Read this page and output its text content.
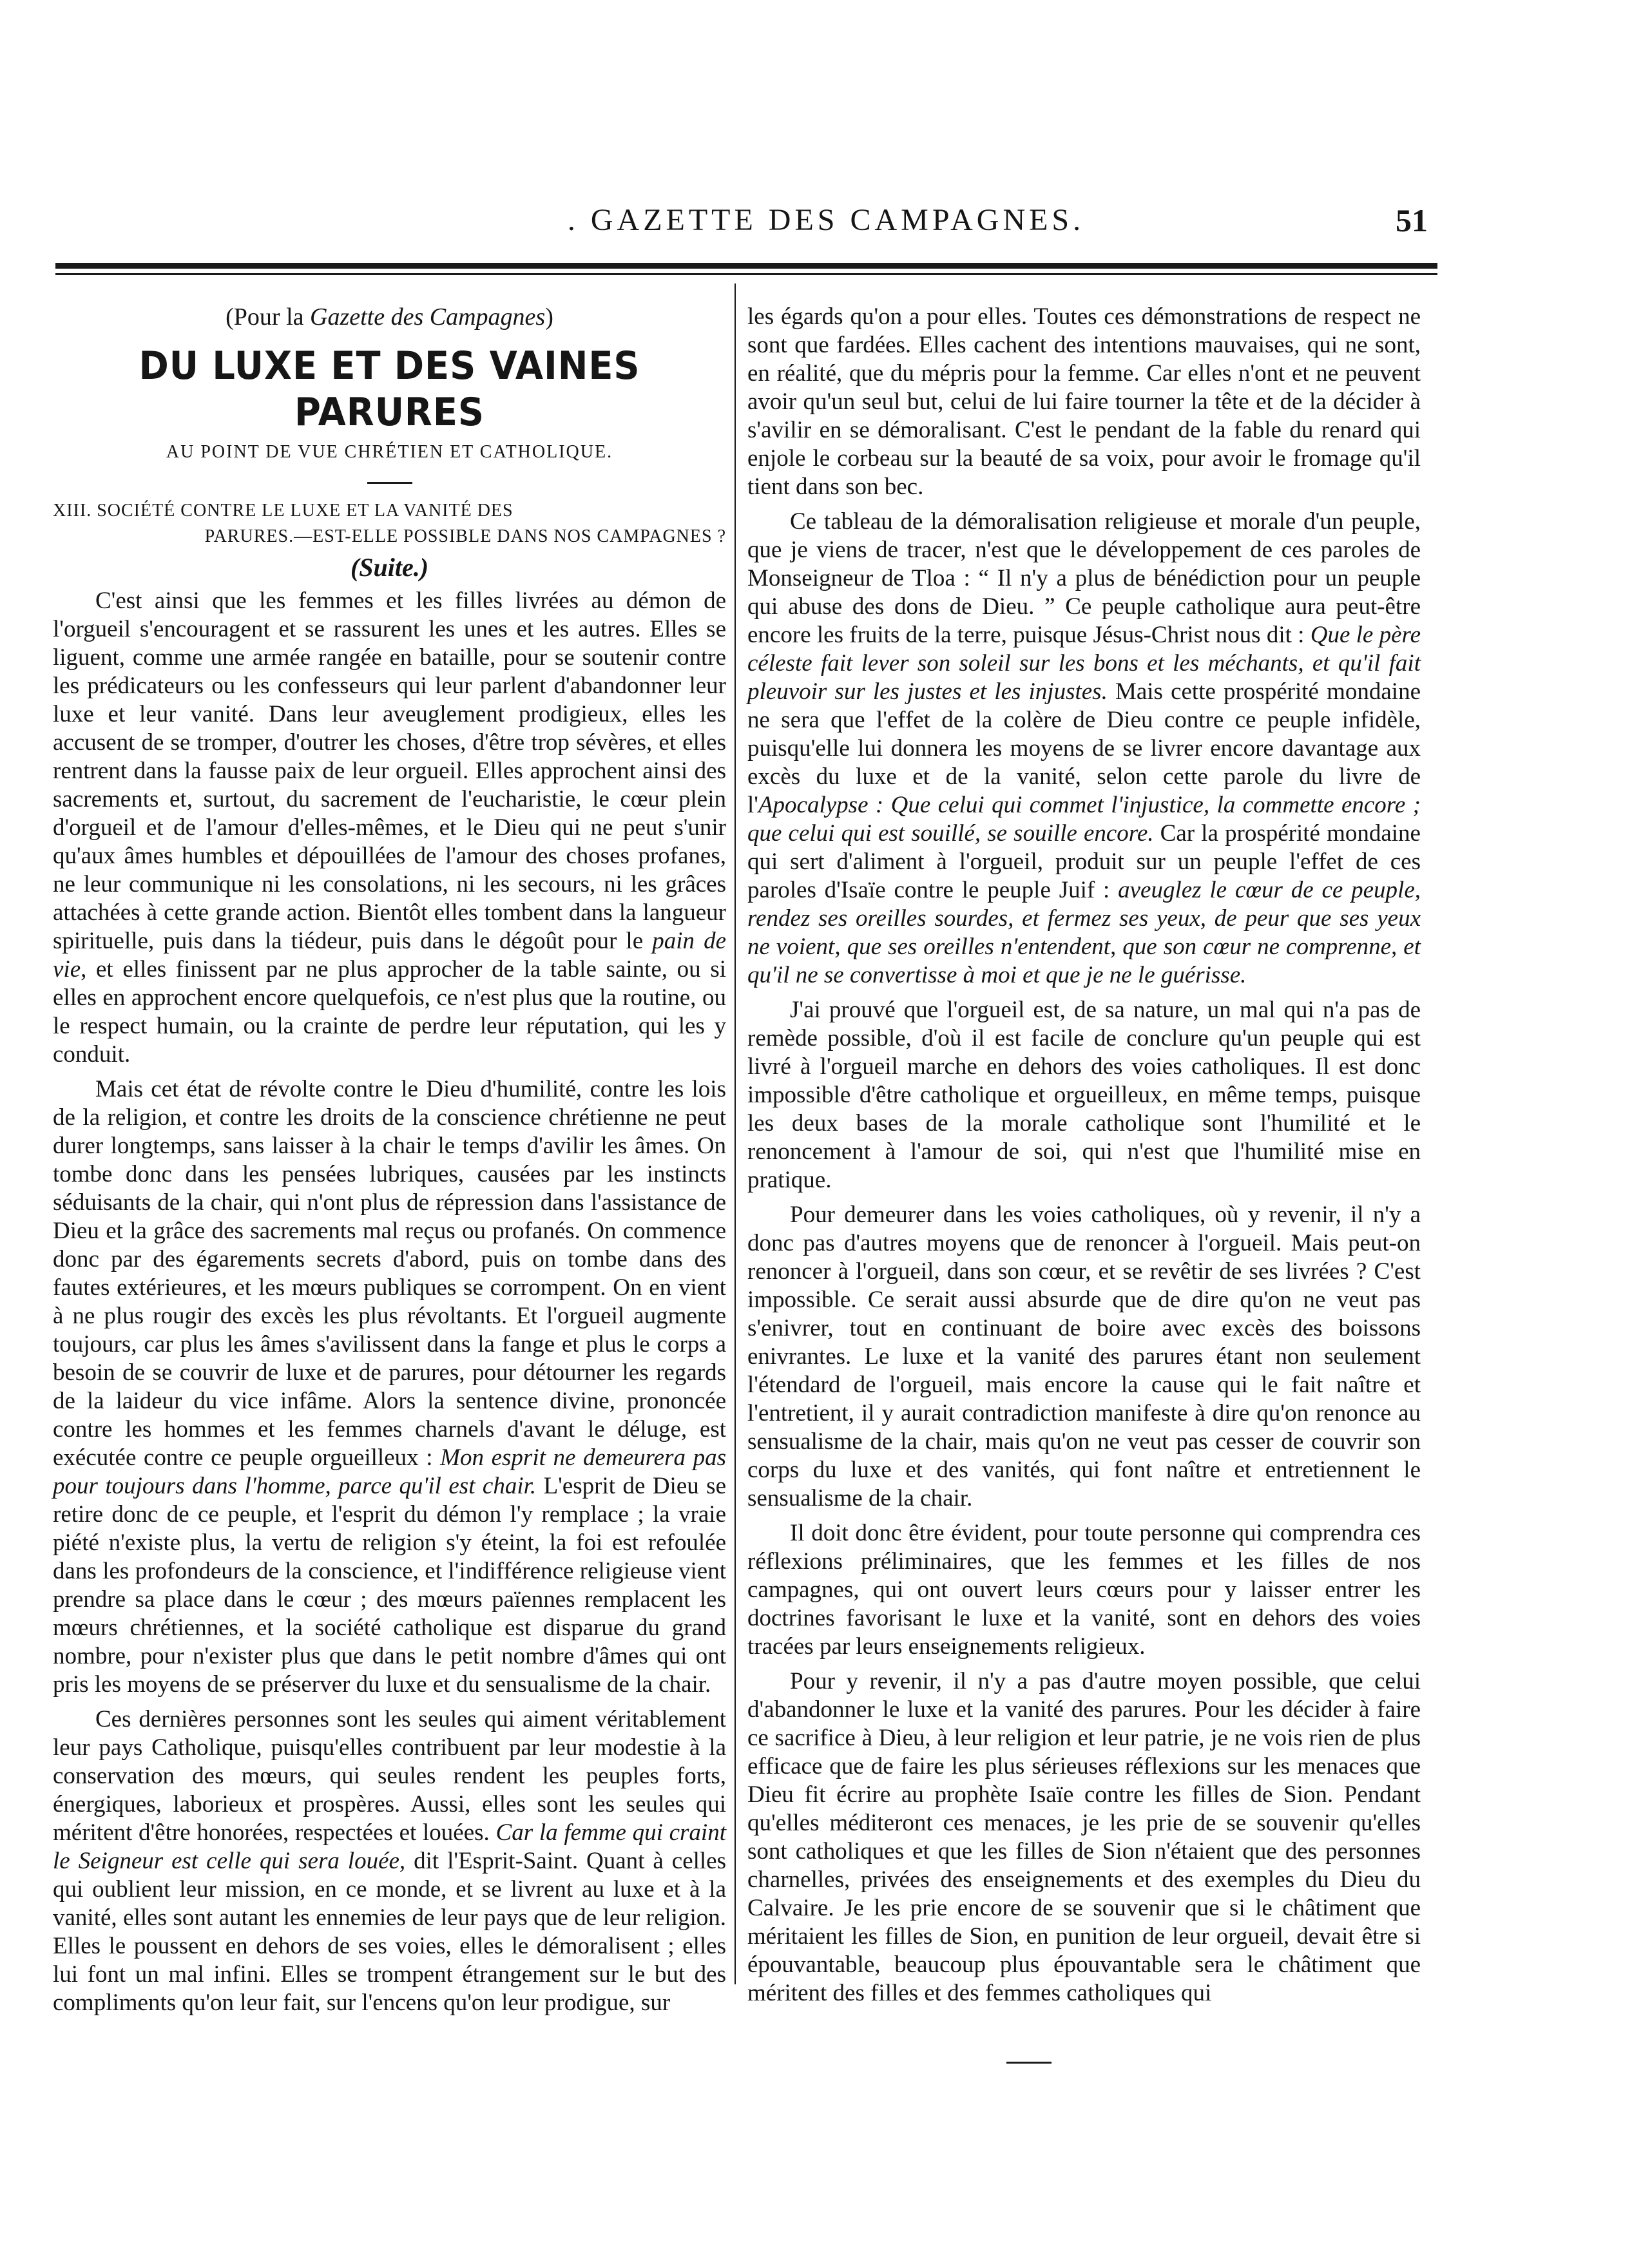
. GAZETTE DES CAMPAGNES.	51

(Pour la Gazette des Campagnes)

DU LUXE ET DES VAINES PARURES

AU POINT DE VUE CHRÉTIEN ET CATHOLIQUE.

XIII. SOCIÉTÉ CONTRE LE LUXE ET LA VANITÉ DES
PARURES.—EST-ELLE POSSIBLE DANS NOS CAMPAGNES ?

(Suite.)

C'est ainsi que les femmes et les filles livrées au démon de l'orgueil s'encouragent et se rassurent les unes et les autres. Elles se liguent, comme une armée rangée en bataille, pour se soutenir contre les prédicateurs ou les confesseurs qui leur parlent d'abandonner leur luxe et leur vanité. Dans leur aveuglement prodigieux, elles les accusent de se tromper, d'outrer les choses, d'être trop sévères, et elles rentrent dans la fausse paix de leur orgueil. Elles approchent ainsi des sacrements et, surtout, du sacrement de l'eucharistie, le cœur plein d'orgueil et de l'amour d'elles-mêmes, et le Dieu qui ne peut s'unir qu'aux âmes humbles et dépouillées de l'amour des choses profanes, ne leur communique ni les consolations, ni les secours, ni les grâces attachées à cette grande action. Bientôt elles tombent dans la langueur spirituelle, puis dans la tiédeur, puis dans le dégoût pour le pain de vie, et elles finissent par ne plus approcher de la table sainte, ou si elles en approchent encore quelquefois, ce n'est plus que la routine, ou le respect humain, ou la crainte de perdre leur réputation, qui les y conduit.

Mais cet état de révolte contre le Dieu d'humilité, contre les lois de la religion, et contre les droits de la conscience chrétienne ne peut durer longtemps, sans laisser à la chair le temps d'avilir les âmes. On tombe donc dans les pensées lubriques, causées par les instincts séduisants de la chair, qui n'ont plus de répression dans l'assistance de Dieu et la grâce des sacrements mal reçus ou profanés. On commence donc par des égarements secrets d'abord, puis on tombe dans des fautes extérieures, et les mœurs publiques se corrompent. On en vient à ne plus rougir des excès les plus révoltants. Et l'orgueil augmente toujours, car plus les âmes s'avilissent dans la fange et plus le corps a besoin de se couvrir de luxe et de parures, pour détourner les regards de la laideur du vice infâme. Alors la sentence divine, prononcée contre les hommes et les femmes charnels d'avant le déluge, est exécutée contre ce peuple orgueilleux : Mon esprit ne demeurera pas pour toujours dans l'homme, parce qu'il est chair. L'esprit de Dieu se retire donc de ce peuple, et l'esprit du démon l'y remplace ; la vraie piété n'existe plus, la vertu de religion s'y éteint, la foi est refoulée dans les profondeurs de la conscience, et l'indifférence religieuse vient prendre sa place dans le cœur ; des mœurs païennes remplacent les mœurs chrétiennes, et la société catholique est disparue du grand nombre, pour n'exister plus que dans le petit nombre d'âmes qui ont pris les moyens de se préserver du luxe et du sensualisme de la chair.

Ces dernières personnes sont les seules qui aiment véritablement leur pays Catholique, puisqu'elles contribuent par leur modestie à la conservation des mœurs, qui seules rendent les peuples forts, énergiques, laborieux et prospères. Aussi, elles sont les seules qui méritent d'être honorées, respectées et louées. Car la femme qui craint le Seigneur est celle qui sera louée, dit l'Esprit-Saint. Quant à celles qui oublient leur mission, en ce monde, et se livrent au luxe et à la vanité, elles sont autant les ennemies de leur pays que de leur religion. Elles le poussent en dehors de ses voies, elles le démoralisent ; elles lui font un mal infini. Elles se trompent étrangement sur le but des compliments qu'on leur fait, sur l'encens qu'on leur prodigue, sur

les égards qu'on a pour elles. Toutes ces démonstrations de respect ne sont que fardées. Elles cachent des intentions mauvaises, qui ne sont, en réalité, que du mépris pour la femme. Car elles n'ont et ne peuvent avoir qu'un seul but, celui de lui faire tourner la tête et de la décider à s'avilir en se démoralisant. C'est le pendant de la fable du renard qui enjole le corbeau sur la beauté de sa voix, pour avoir le fromage qu'il tient dans son bec.

Ce tableau de la démoralisation religieuse et morale d'un peuple, que je viens de tracer, n'est que le développement de ces paroles de Monseigneur de Tloa : “ Il n'y a plus de bénédiction pour un peuple qui abuse des dons de Dieu. ” Ce peuple catholique aura peut-être encore les fruits de la terre, puisque Jésus-Christ nous dit : Que le père céleste fait lever son soleil sur les bons et les méchants, et qu'il fait pleuvoir sur les justes et les injustes. Mais cette prospérité mondaine ne sera que l'effet de la colère de Dieu contre ce peuple infidèle, puisqu'elle lui donnera les moyens de se livrer encore davantage aux excès du luxe et de la vanité, selon cette parole du livre de l'Apocalypse : Que celui qui commet l'injustice, la commette encore ; que celui qui est souillé, se souille encore. Car la prospérité mondaine qui sert d'aliment à l'orgueil, produit sur un peuple l'effet de ces paroles d'Isaïe contre le peuple Juif : aveuglez le cœur de ce peuple, rendez ses oreilles sourdes, et fermez ses yeux, de peur que ses yeux ne voient, que ses oreilles n'entendent, que son cœur ne comprenne, et qu'il ne se convertisse à moi et que je ne le guérisse.

J'ai prouvé que l'orgueil est, de sa nature, un mal qui n'a pas de remède possible, d'où il est facile de conclure qu'un peuple qui est livré à l'orgueil marche en dehors des voies catholiques. Il est donc impossible d'être catholique et orgueilleux, en même temps, puisque les deux bases de la morale catholique sont l'humilité et le renoncement à l'amour de soi, qui n'est que l'humilité mise en pratique.

Pour demeurer dans les voies catholiques, où y revenir, il n'y a donc pas d'autres moyens que de renoncer à l'orgueil. Mais peut-on renoncer à l'orgueil, dans son cœur, et se revêtir de ses livrées ? C'est impossible. Ce serait aussi absurde que de dire qu'on ne veut pas s'enivrer, tout en continuant de boire avec excès des boissons enivrantes. Le luxe et la vanité des parures étant non seulement l'étendard de l'orgueil, mais encore la cause qui le fait naître et l'entretient, il y aurait contradiction manifeste à dire qu'on renonce au sensualisme de la chair, mais qu'on ne veut pas cesser de couvrir son corps du luxe et des vanités, qui font naître et entretiennent le sensualisme de la chair.

Il doit donc être évident, pour toute personne qui comprendra ces réflexions préliminaires, que les femmes et les filles de nos campagnes, qui ont ouvert leurs cœurs pour y laisser entrer les doctrines favorisant le luxe et la vanité, sont en dehors des voies tracées par leurs enseignements religieux.

Pour y revenir, il n'y a pas d'autre moyen possible, que celui d'abandonner le luxe et la vanité des parures. Pour les décider à faire ce sacrifice à Dieu, à leur religion et leur patrie, je ne vois rien de plus efficace que de faire les plus sérieuses réflexions sur les menaces que Dieu fit écrire au prophète Isaïe contre les filles de Sion. Pendant qu'elles méditeront ces menaces, je les prie de se souvenir qu'elles sont catholiques et que les filles de Sion n'étaient que des personnes charnelles, privées des enseignements et des exemples du Dieu du Calvaire. Je les prie encore de se souvenir que si le châtiment que méritaient les filles de Sion, en punition de leur orgueil, devait être si épouvantable, beaucoup plus épouvantable sera le châtiment que méritent des filles et des femmes catholiques qui
